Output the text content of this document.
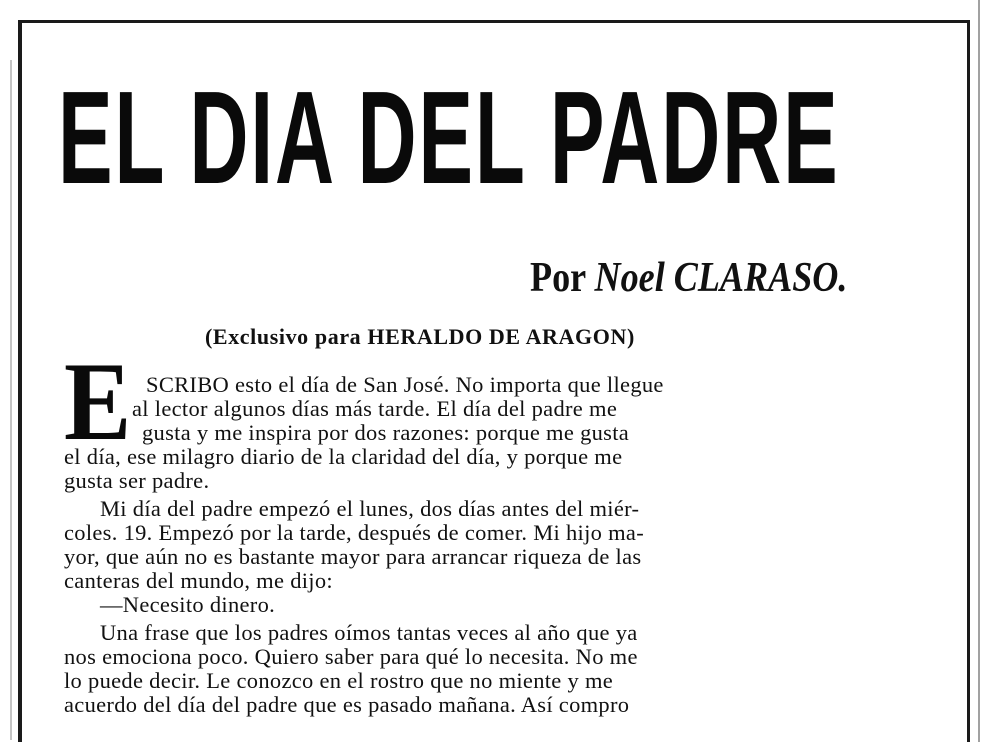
EL DIA DEL PADRE

Por Noel CLARASO.

(Exclusivo para HERALDO DE ARAGON)

E SCRIBO esto el día de San José. No importa que llegue

al lector algunos días más tarde. El día del padre me

gusta y me inspira por dos razones: porque me gusta

el día, ese milagro diario de la claridad del día, y porque me

gusta ser padre.

Mi día del padre empezó el lunes, dos días antes del miér-

coles. 19. Empezó por la tarde, después de comer. Mi hijo ma-

yor, que aún no es bastante mayor para arrancar riqueza de las

canteras del mundo, me dijo:

—Necesito dinero.

Una frase que los padres oímos tantas veces al año que ya

nos emociona poco. Quiero saber para qué lo necesita. No me

lo puede decir. Le conozco en el rostro que no miente y me

acuerdo del día del padre que es pasado mañana. Así compro
